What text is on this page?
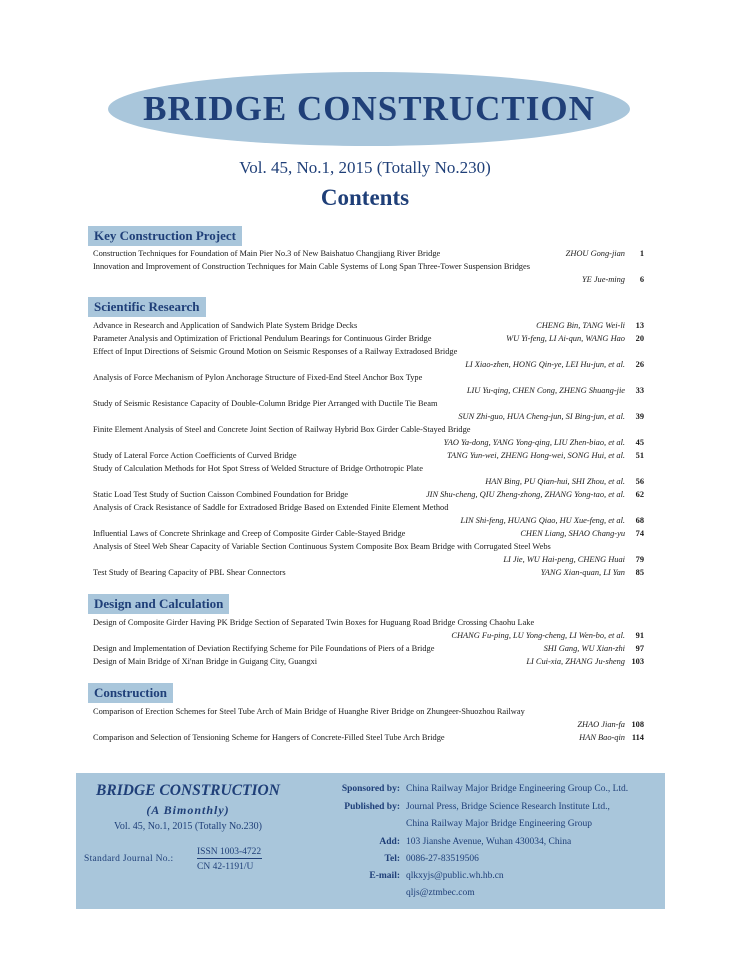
BRIDGE CONSTRUCTION
Vol. 45, No.1, 2015 (Totally No.230)
Contents
Key Construction Project
Construction Techniques for Foundation of Main Pier No.3 of New Baishatuo Changjiang River Bridge	ZHOU Gong-jian	1
Innovation and Improvement of Construction Techniques for Main Cable Systems of Long Span Three-Tower Suspension Bridges
YE Jue-ming	6
Scientific Research
Advance in Research and Application of Sandwich Plate System Bridge Decks	CHENG Bin, TANG Wei-li	13
Parameter Analysis and Optimization of Frictional Pendulum Bearings for Continuous Girder Bridge	WU Yi-feng, LI Ai-qun, WANG Hao	20
Effect of Input Directions of Seismic Ground Motion on Seismic Responses of a Railway Extradosed Bridge
LI Xiao-zhen, HONG Qin-ye, LEI Hu-jun, et al.	26
Analysis of Force Mechanism of Pylon Anchorage Structure of Fixed-End Steel Anchor Box Type
LIU Yu-qing, CHEN Cong, ZHENG Shuang-jie	33
Study of Seismic Resistance Capacity of Double-Column Bridge Pier Arranged with Ductile Tie Beam
SUN Zhi-guo, HUA Cheng-jun, SI Bing-jun, et al.	39
Finite Element Analysis of Steel and Concrete Joint Section of Railway Hybrid Box Girder Cable-Stayed Bridge
YAO Ya-dong, YANG Yong-qing, LIU Zhen-biao, et al.	45
Study of Lateral Force Action Coefficients of Curved Bridge	TANG Yun-wei, ZHENG Hong-wei, SONG Hui, et al.	51
Study of Calculation Methods for Hot Spot Stress of Welded Structure of Bridge Orthotropic Plate
HAN Bing, PU Qian-hui, SHI Zhou, et al.	56
Static Load Test Study of Suction Caisson Combined Foundation for Bridge	JIN Shu-cheng, QIU Zheng-zhong, ZHANG Yong-tao, et al.	62
Analysis of Crack Resistance of Saddle for Extradosed Bridge Based on Extended Finite Element Method
LIN Shi-feng, HUANG Qiao, HU Xue-feng, et al.	68
Influential Laws of Concrete Shrinkage and Creep of Composite Girder Cable-Stayed Bridge	CHEN Liang, SHAO Chang-yu	74
Analysis of Steel Web Shear Capacity of Variable Section Continuous System Composite Box Beam Bridge with Corrugated Steel Webs
LI Jie, WU Hai-peng, CHENG Huai	79
Test Study of Bearing Capacity of PBL Shear Connectors	YANG Xian-quan, LI Yan	85
Design and Calculation
Design of Composite Girder Having PK Bridge Section of Separated Twin Boxes for Huguang Road Bridge Crossing Chaohu Lake
CHANG Fu-ping, LU Yong-cheng, LI Wen-bo, et al.	91
Design and Implementation of Deviation Rectifying Scheme for Pile Foundations of Piers of a Bridge	SHI Gang, WU Xian-zhi	97
Design of Main Bridge of Xi'nan Bridge in Guigang City, Guangxi	LI Cui-xia, ZHANG Ju-sheng 103
Construction
Comparison of Erection Schemes for Steel Tube Arch of Main Bridge of Huanghe River Bridge on Zhungeer-Shuozhou Railway
ZHAO Jian-fa 108
Comparison and Selection of Tensioning Scheme for Hangers of Concrete-Filled Steel Tube Arch Bridge	HAN Bao-qin 114
BRIDGE CONSTRUCTION
(A Bimonthly)
Vol. 45, No.1, 2015 (Totally No.230)
Standard Journal No.:
ISSN 1003-4722
CN 42-1191/U
Sponsored by: China Railway Major Bridge Engineering Group Co., Ltd.
Published by: Journal Press, Bridge Science Research Institute Ltd.,
China Railway Major Bridge Engineering Group
Add: 103 Jianshe Avenue, Wuhan 430034, China
Tel: 0086-27-83519506
E-mail: qlkxyjs@public.wh.hb.cn
qljs@ztmbec.com
